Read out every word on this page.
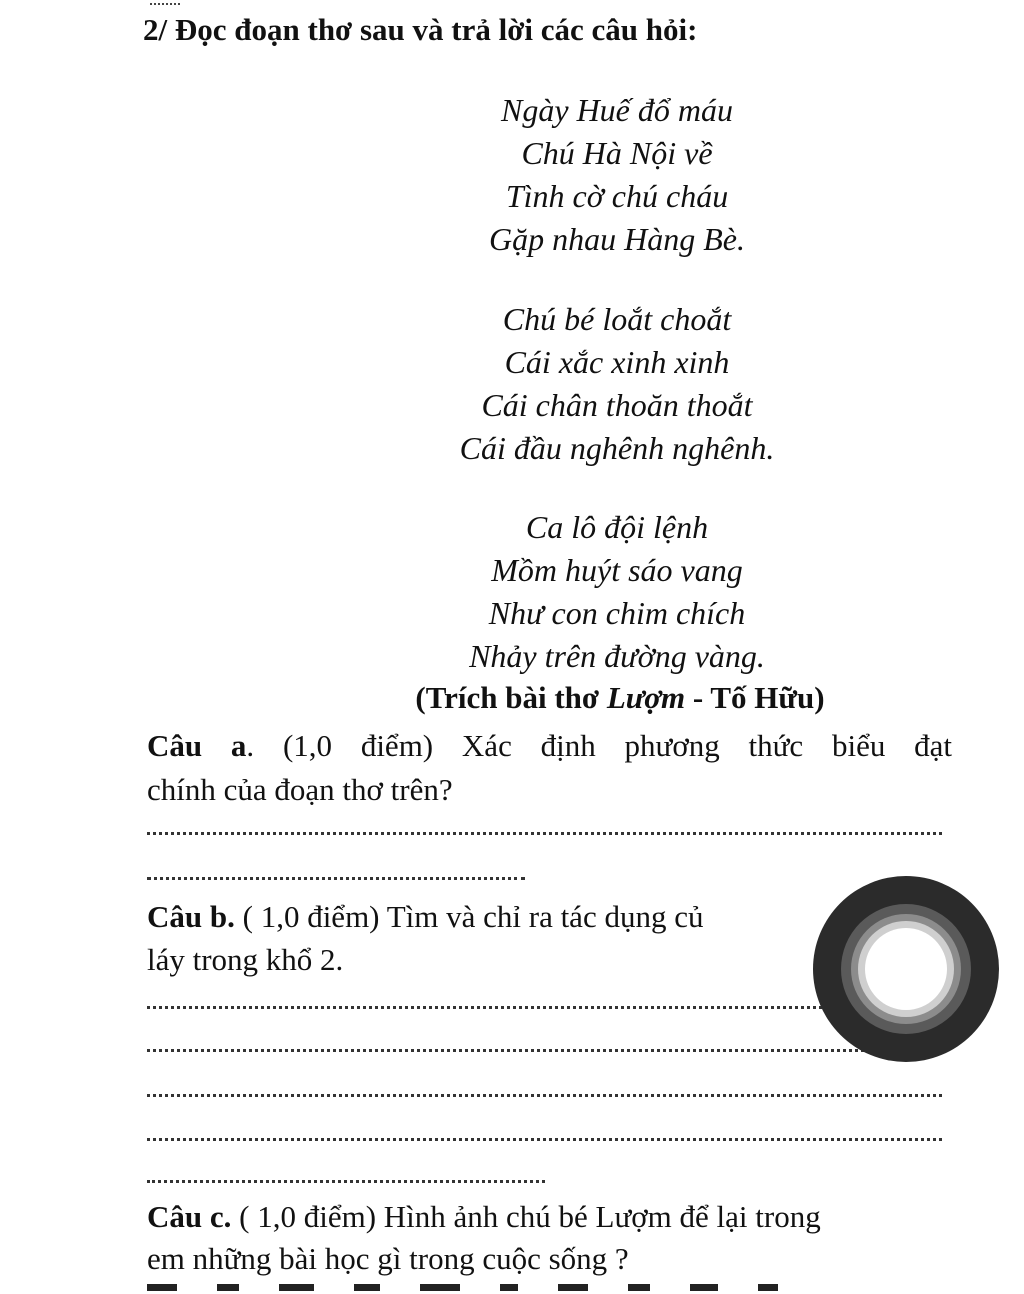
2/ Đọc đoạn thơ sau và trả lời các câu hỏi:
Ngày Huế đổ máu
Chú Hà Nội về
Tình cờ chú cháu
Gặp nhau Hàng Bè.
Chú bé loắt choắt
Cái xắc xinh xinh
Cái chân thoăn thoắt
Cái đầu nghênh nghênh.
Ca lô đội lệnh
Mồm huýt sáo vang
Như con chim chích
Nhảy trên đường vàng.
(Trích bài thơ Lượm - Tố Hữu)
Câu a. (1,0 điểm) Xác định phương thức biểu đạt
chính của đoạn thơ trên?
Câu b. ( 1,0 điểm) Tìm và chỉ ra tác dụng củ
láy trong khổ 2.
Câu c. ( 1,0 điểm) Hình ảnh chú bé Lượm để lại trong
em những bài học gì trong cuộc sống ?
